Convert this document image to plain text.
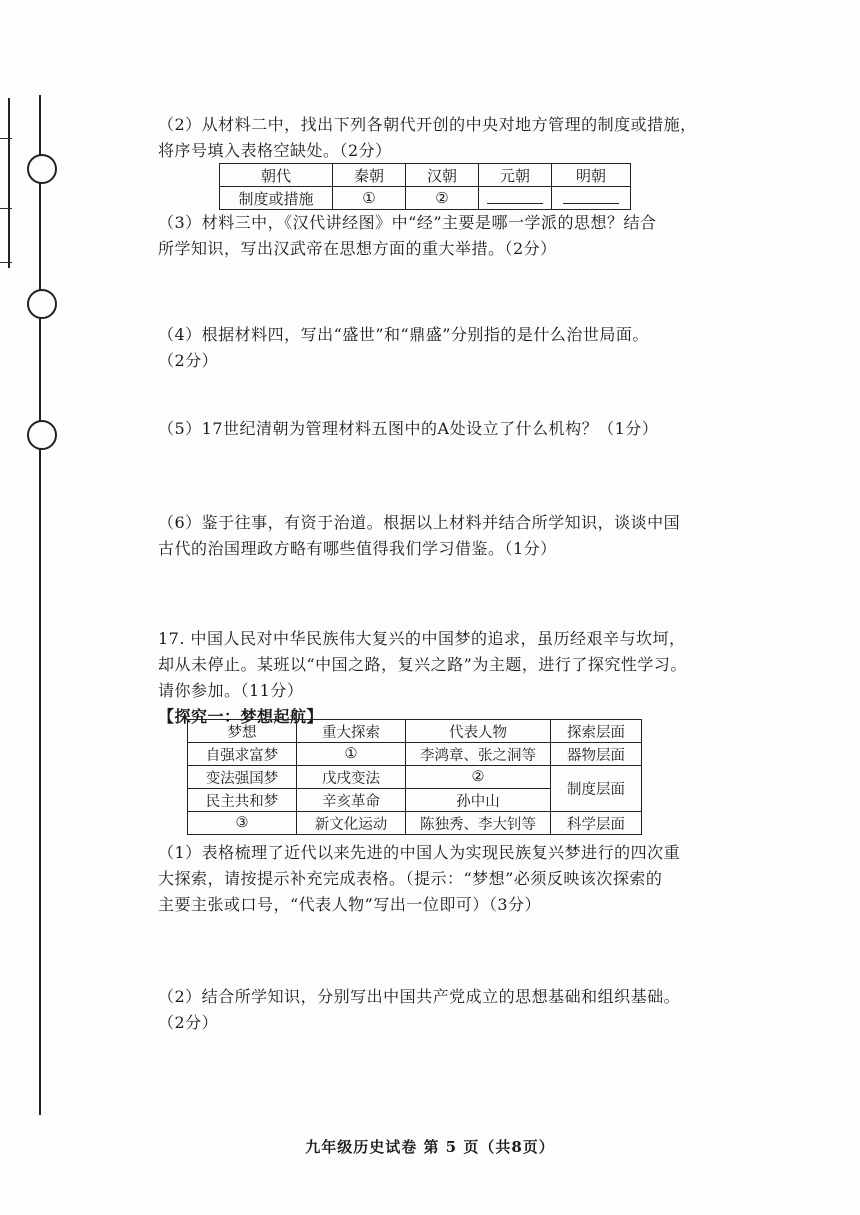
（2）从材料二中，找出下列各朝代开创的中央对地方管理的制度或措施，
将序号填入表格空缺处。（2分）
朝代	秦朝	汉朝	元朝	明朝
制度或措施	①	②		
（3）材料三中，《汉代讲经图》中“经”主要是哪一学派的思想？结合
所学知识，写出汉武帝在思想方面的重大举措。（2分）
（4）根据材料四，写出“盛世”和“鼎盛”分别指的是什么治世局面。
（2分）
（5）17世纪清朝为管理材料五图中的A处设立了什么机构？（1分）
（6）鉴于往事，有资于治道。根据以上材料并结合所学知识，谈谈中国
古代的治国理政方略有哪些值得我们学习借鉴。（1分）
17. 中国人民对中华民族伟大复兴的中国梦的追求，虽历经艰辛与坎坷，
却从未停止。某班以“中国之路，复兴之路”为主题，进行了探究性学习。
请你参加。（11分）
【探究一：梦想起航】
梦想	重大探索	代表人物	探索层面
自强求富梦	①	李鸿章、张之洞等	器物层面
变法强国梦	戊戌变法	②	制度层面
民主共和梦	辛亥革命	孙中山	
③	新文化运动	陈独秀、李大钊等	科学层面
（1）表格梳理了近代以来先进的中国人为实现民族复兴梦进行的四次重
大探索，请按提示补充完成表格。（提示：“梦想”必须反映该次探索的
主要主张或口号，“代表人物”写出一位即可）（3分）
（2）结合所学知识，分别写出中国共产党成立的思想基础和组织基础。
（2分）
九年级历史试卷 第 5 页（共8页）
